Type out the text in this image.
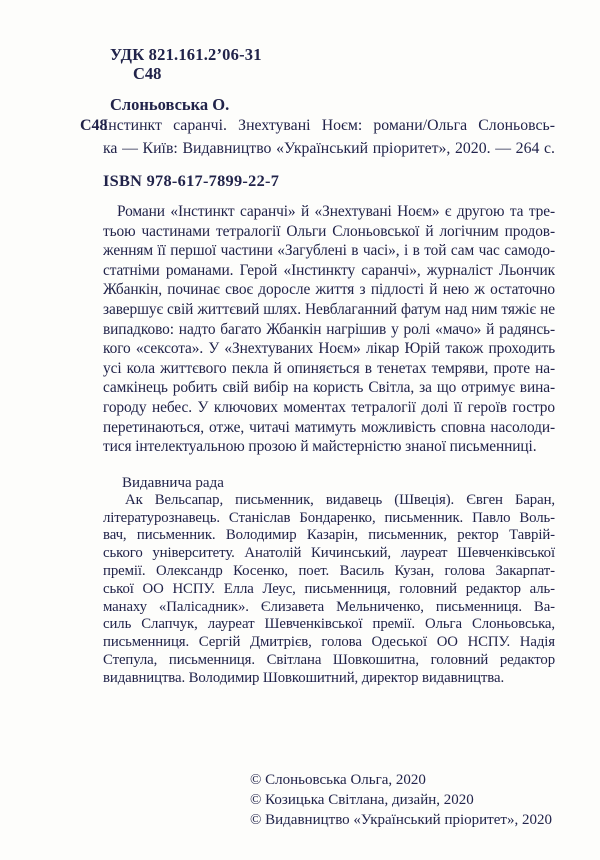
УДК 821.161.2’06-31
С48
Слоньовська О.
С48
Інстинкт саранчі. Знехтувані Ноєм: романи/Ольга Слоньовсь-
ка — Київ: Видавництво «Український пріоритет», 2020. — 264 с.
ISBN 978-617-7899-22-7
Романи «Інстинкт саранчі» й «Знехтувані Ноєм» є другою та тре-
тьою частинами тетралогії Ольги Слоньовської й логічним продов-
женням її першої частини «Загублені в часі», і в той сам час самодо-
статніми романами. Герой «Інстинкту саранчі», журналіст Льончик
Жбанкін, починає своє доросле життя з підлості й нею ж остаточно
завершує свій життєвий шлях. Невблаганний фатум над ним тяжіє не
випадково: надто багато Жбанкін нагрішив у ролі «мачо» й радянсь-
кого «сексота». У «Знехтуваних Ноєм» лікар Юрій також проходить
усі кола життєвого пекла й опиняється в тенетах темряви, проте на-
самкінець робить свій вибір на користь Світла, за що отримує вина-
городу небес. У ключових моментах тетралогії долі її героїв гостро
перетинаються, отже, читачі матимуть можливість сповна насолоди-
тися інтелектуальною прозою й майстерністю знаної письменниці.
Видавнича рада
Ак Вельсапар, письменник, видавець (Швеція). Євген Баран,
літературознавець. Станіслав Бондаренко, письменник. Павло Воль-
вач, письменник. Володимир Казарін, письменник, ректор Таврій-
ського університету. Анатолій Кичинський, лауреат Шевченківської
премії. Олександр Косенко, поет. Василь Кузан, голова Закарпат-
ської ОО НСПУ. Елла Леус, письменниця, головний редактор аль-
манаху «Палісадник». Єлизавета Мельниченко, письменниця. Ва-
силь Слапчук, лауреат Шевченківської премії. Ольга Слоньовська,
письменниця. Сергій Дмитрієв, голова Одеської ОО НСПУ. Надія
Степула, письменниця. Світлана Шовкошитна, головний редактор
видавництва. Володимир Шовкошитний, директор видавництва.
© Слоньовська Ольга, 2020
© Козицька Світлана, дизайн, 2020
© Видавництво «Український пріоритет», 2020
